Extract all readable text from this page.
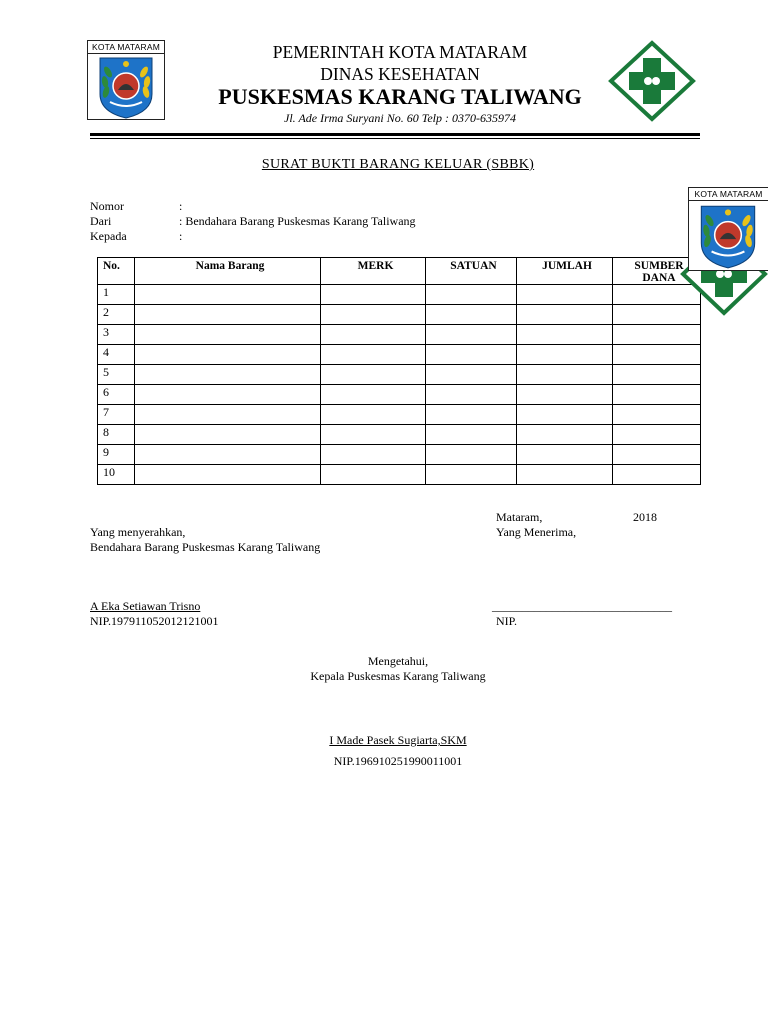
KOTA MATARAM	PEMERINTAH KOTA MATARAM
DINAS KESEHATAN
PUSKESMAS KARANG TALIWANG
Jl. Ade Irma Suryani No. 60 Telp : 0370-635974
SURAT BUKTI BARANG KELUAR (SBBK)
Nomor	:
Dari	: Bendahara Barang Puskesmas Karang Taliwang
Kepada	:
No.	Nama Barang	MERK	SATUAN	JUMLAH	SUMBER
DANA

1					
2					
3					
4					
5					
6					
7					
8					
9					
10					
KOTA MATARAM
Mataram,	2018
Yang menyerahkan,	Yang Menerima,
Bendahara Barang Puskesmas Karang Taliwang
A Eka Setiawan Trisno	______________________________
NIP.197911052012121001	NIP.
Mengetahui,
Kepala Puskesmas Karang Taliwang
I Made Pasek Sugiarta,SKM
NIP.196910251990011001
